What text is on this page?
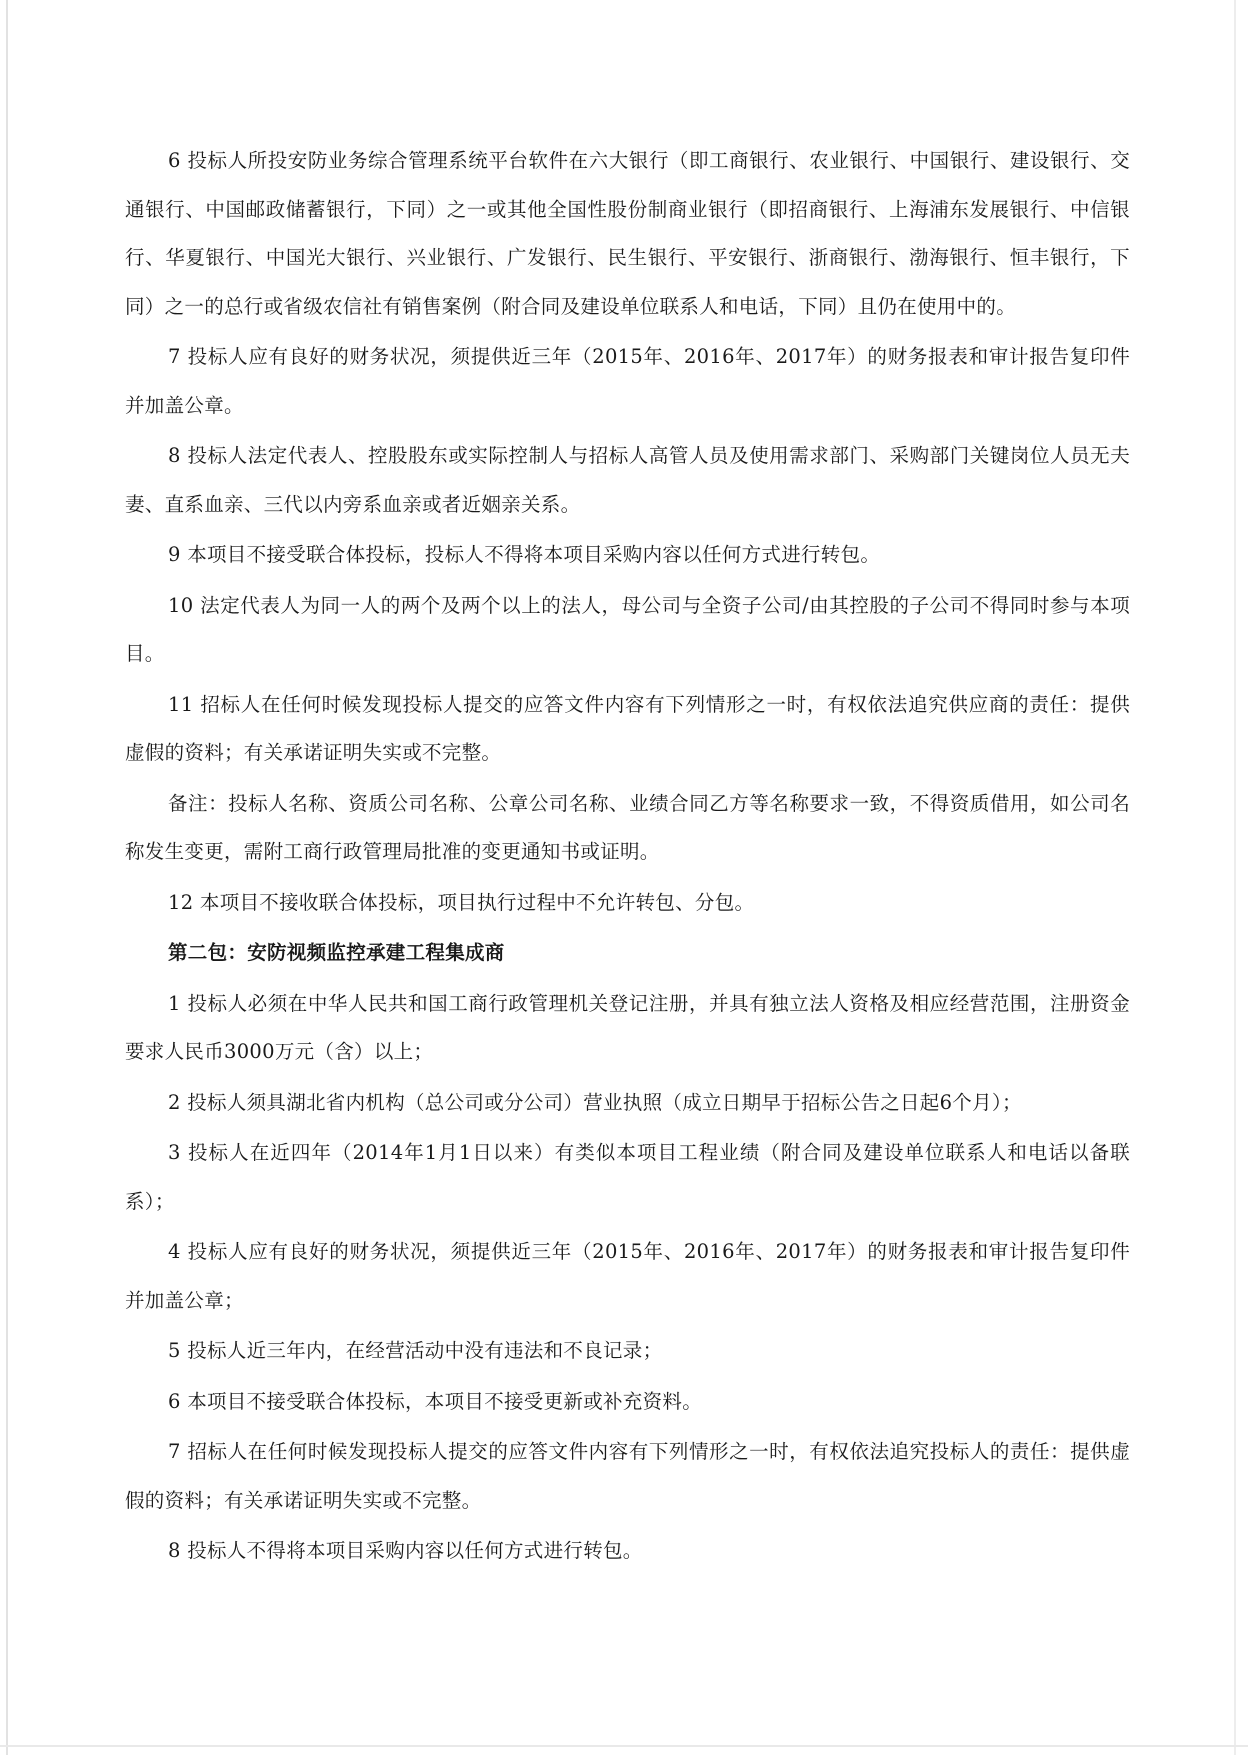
6 投标人所投安防业务综合管理系统平台软件在六大银行（即工商银行、农业银行、中国银行、建设银行、交通银行、中国邮政储蓄银行，下同）之一或其他全国性股份制商业银行（即招商银行、上海浦东发展银行、中信银行、华夏银行、中国光大银行、兴业银行、广发银行、民生银行、平安银行、浙商银行、渤海银行、恒丰银行，下同）之一的总行或省级农信社有销售案例（附合同及建设单位联系人和电话，下同）且仍在使用中的。

7 投标人应有良好的财务状况，须提供近三年（2015年、2016年、2017年）的财务报表和审计报告复印件并加盖公章。

8 投标人法定代表人、控股股东或实际控制人与招标人高管人员及使用需求部门、采购部门关键岗位人员无夫妻、直系血亲、三代以内旁系血亲或者近姻亲关系。

9 本项目不接受联合体投标，投标人不得将本项目采购内容以任何方式进行转包。

10 法定代表人为同一人的两个及两个以上的法人，母公司与全资子公司/由其控股的子公司不得同时参与本项目。

11 招标人在任何时候发现投标人提交的应答文件内容有下列情形之一时，有权依法追究供应商的责任：提供虚假的资料；有关承诺证明失实或不完整。

备注：投标人名称、资质公司名称、公章公司名称、业绩合同乙方等名称要求一致，不得资质借用，如公司名称发生变更，需附工商行政管理局批准的变更通知书或证明。

12 本项目不接收联合体投标，项目执行过程中不允许转包、分包。

第二包：安防视频监控承建工程集成商

1 投标人必须在中华人民共和国工商行政管理机关登记注册，并具有独立法人资格及相应经营范围，注册资金要求人民币3000万元（含）以上；

2 投标人须具湖北省内机构（总公司或分公司）营业执照（成立日期早于招标公告之日起6个月）；

3 投标人在近四年（2014年1月1日以来）有类似本项目工程业绩（附合同及建设单位联系人和电话以备联系）；

4 投标人应有良好的财务状况，须提供近三年（2015年、2016年、2017年）的财务报表和审计报告复印件并加盖公章；

5 投标人近三年内，在经营活动中没有违法和不良记录；

6 本项目不接受联合体投标，本项目不接受更新或补充资料。

7 招标人在任何时候发现投标人提交的应答文件内容有下列情形之一时，有权依法追究投标人的责任：提供虚假的资料；有关承诺证明失实或不完整。

8 投标人不得将本项目采购内容以任何方式进行转包。
